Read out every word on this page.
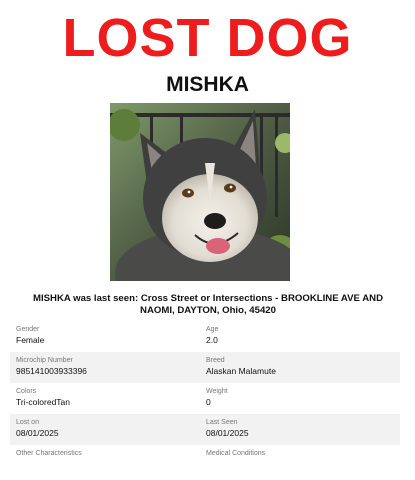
LOST DOG
MISHKA
MISHKA was last seen: Cross Street or Intersections - BROOKLINE AVE AND NAOMI, DAYTON, Ohio, 45420
Gender
Female
Age
2.0
Microchip Number
985141003933396
Breed
Alaskan Malamute
Colors
Tri-coloredTan
Weight
0
Lost on
08/01/2025
Last Seen
08/01/2025
Other Characteristics	Medical Conditions
